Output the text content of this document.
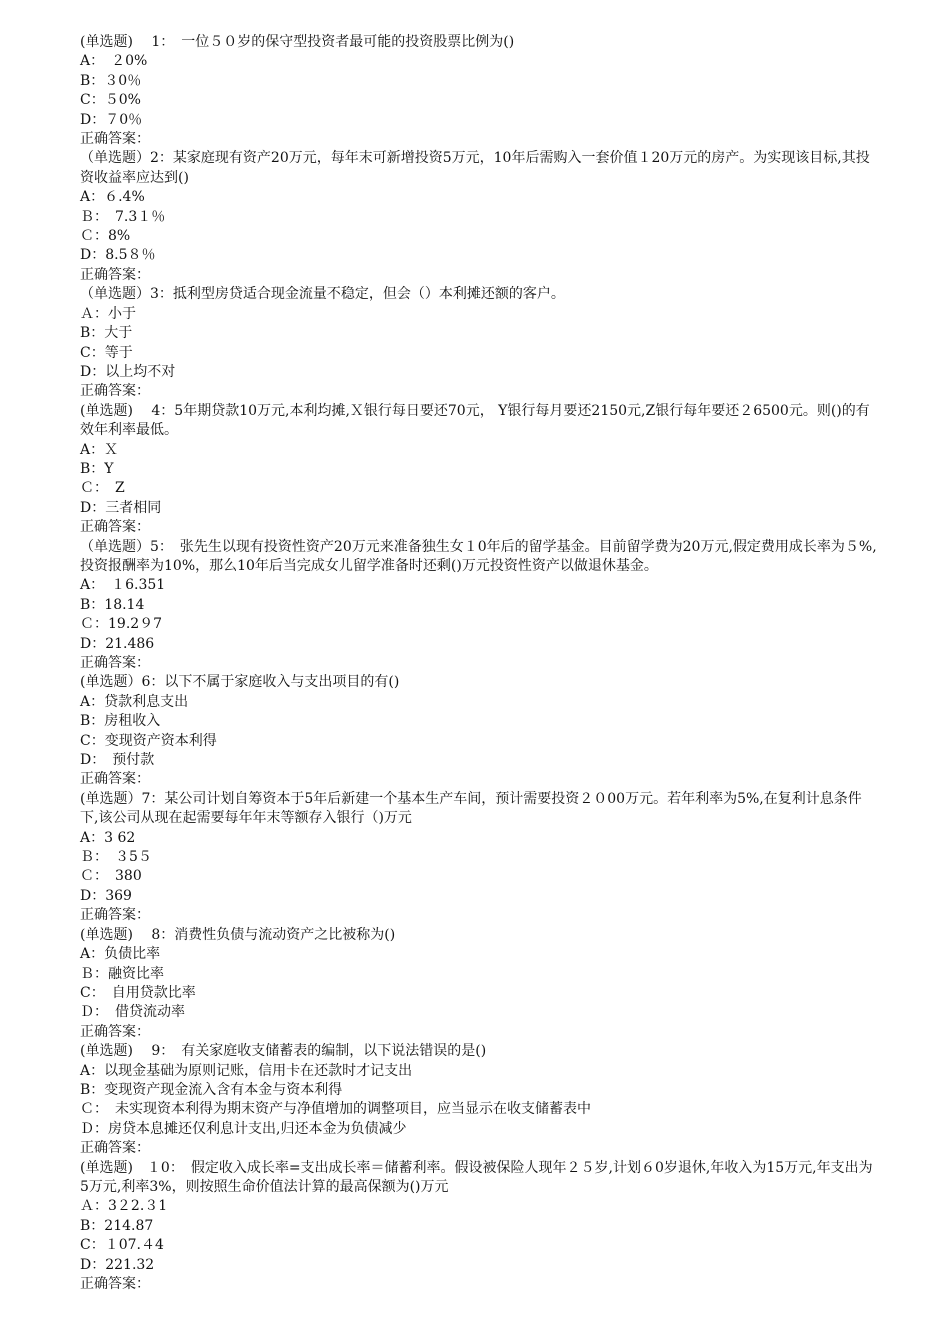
(单选题)　 1：　一位５０岁的保守型投资者最可能的投资股票比例为()
A：　２0%
B：３0％
C：５0%
D：７0％
正确答案：
（单选题）2：某家庭现有资产20万元，每年末可新增投资5万元，10年后需购入一套价值１20万元的房产。为实现该目标,其投资收益率应达到()
A：６.4%
Ｂ：　7.3１％
Ｃ：8%
D：8.5８％
正确答案：
（单选题）3：抵利型房贷适合现金流量不稳定，但会（）本利摊还额的客户。
Ａ：小于
B：大于
C：等于
D：以上均不对
正确答案：
(单选题)　 4：5年期贷款10万元,本利均摊,Ｘ银行每日要还70元， Y银行每月要还2150元,Z银行每年要还２6500元。则()的有效年利率最低。
A：Ｘ
B：Y
Ｃ：　Z
D：三者相同
正确答案：
（单选题）5：　张先生以现有投资性资产20万元来准备独生女１0年后的留学基金。目前留学费为20万元,假定费用成长率为５%,投资报酬率为10%，那么10年后当完成女儿留学准备时还剩()万元投资性资产以做退休基金。
A：　１6.351
B：18.14
Ｃ：19.2９7
D：21.486
正确答案：
(单选题）6：以下不属于家庭收入与支出项目的有()
A：贷款利息支出
B：房租收入
C：变现资产资本利得
D：　预付款
正确答案：
(单选题）7：某公司计划自筹资本于5年后新建一个基本生产车间，预计需要投资２０00万元。若年利率为5%,在复利计息条件下,该公司从现在起需要每年年末等额存入银行（)万元
A：3 62
Ｂ：　３5５
Ｃ：　380
D：369
正确答案：
(单选题)　 8：消费性负债与流动资产之比被称为()
A：负债比率
Ｂ：融资比率
C：　自用贷款比率
Ｄ：　借贷流动率
正确答案：
(单选题)　 9：　有关家庭收支储蓄表的编制，以下说法错误的是()
A：以现金基础为原则记账，信用卡在还款时才记支出
B：变现资产现金流入含有本金与资本利得
Ｃ：　未实现资本利得为期末资产与净值增加的调整项目，应当显示在收支储蓄表中
Ｄ：房贷本息摊还仅利息计支出,归还本金为负债减少
正确答案：
(单选题)　１0：　假定收入成长率=支出成长率＝储蓄利率。假设被保险人现年２５岁,计划６0岁退休,年收入为15万元,年支出为5万元,利率3%，则按照生命价值法计算的最高保额为()万元
Ａ：3２2.３1
B：214.87
C：１07.４4
D：221.32
正确答案：
